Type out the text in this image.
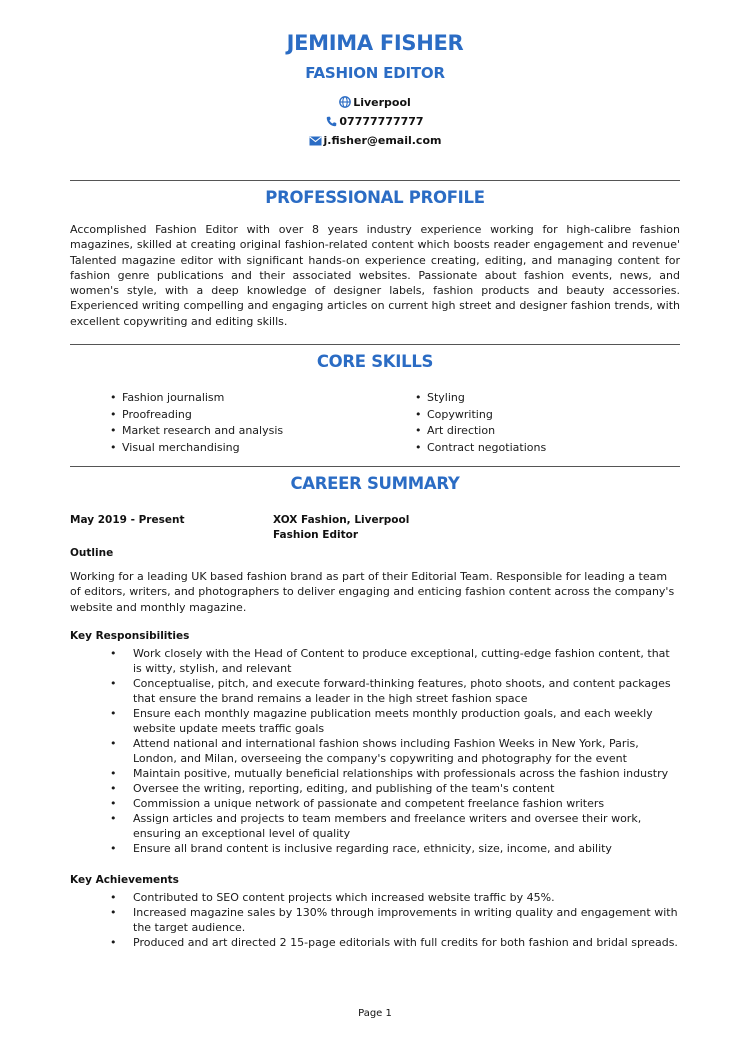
JEMIMA FISHER
FASHION EDITOR
Liverpool
07777777777
j.fisher@email.com
PROFESSIONAL PROFILE
Accomplished Fashion Editor with over 8 years industry experience working for high-calibre fashion magazines, skilled at creating original fashion-related content which boosts reader engagement and revenue' Talented magazine editor with significant hands-on experience creating, editing, and managing content for fashion genre publications and their associated websites. Passionate about fashion events, news, and women's style, with a deep knowledge of designer labels, fashion products and beauty accessories. Experienced writing compelling and engaging articles on current high street and designer fashion trends, with excellent copywriting and editing skills.
CORE SKILLS
• Fashion journalism
• Proofreading
• Market research and analysis
• Visual merchandising
• Styling
• Copywriting
• Art direction
• Contract negotiations
CAREER SUMMARY
May 2019 - Present	XOX Fashion, Liverpool
Fashion Editor
Outline
Working for a leading UK based fashion brand as part of their Editorial Team. Responsible for leading a team of editors, writers, and photographers to deliver engaging and enticing fashion content across the company's website and monthly magazine.
Key Responsibilities
• Work closely with the Head of Content to produce exceptional, cutting-edge fashion content, that is witty, stylish, and relevant
• Conceptualise, pitch, and execute forward-thinking features, photo shoots, and content packages that ensure the brand remains a leader in the high street fashion space
• Ensure each monthly magazine publication meets monthly production goals, and each weekly website update meets traffic goals
• Attend national and international fashion shows including Fashion Weeks in New York, Paris, London, and Milan, overseeing the company's copywriting and photography for the event
• Maintain positive, mutually beneficial relationships with professionals across the fashion industry
• Oversee the writing, reporting, editing, and publishing of the team's content
• Commission a unique network of passionate and competent freelance fashion writers
• Assign articles and projects to team members and freelance writers and oversee their work, ensuring an exceptional level of quality
• Ensure all brand content is inclusive regarding race, ethnicity, size, income, and ability
Key Achievements
• Contributed to SEO content projects which increased website traffic by 45%.
• Increased magazine sales by 130% through improvements in writing quality and engagement with the target audience.
• Produced and art directed 2 15-page editorials with full credits for both fashion and bridal spreads.
Page 1
